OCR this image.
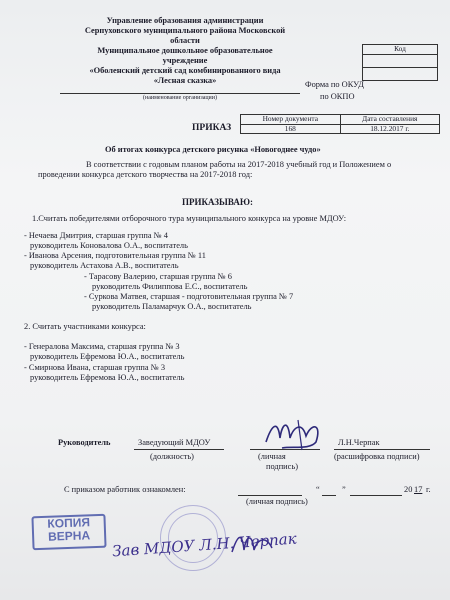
Управление образования администрации
Серпуховского муниципального района Московской
области
Муниципальное дошкольное образовательное
учреждение
«Оболенский детский сад комбинированного вида
«Лесная сказка»
(наименование организации)
Код

Форма по ОКУД
по ОКПО
Номер документа	Дата составления
168	18.12.2017 г.
ПРИКАЗ
Об итогах конкурса детского рисунка «Новогоднее чудо»
В соответствии с годовым планом работы на 2017-2018 учебный год и Положением о
проведении конкурса детского творчества на 2017-2018 год:
ПРИКАЗЫВАЮ:
1.Считать победителями отборочного тура муниципального конкурса на уровне МДОУ:
- Нечаева Дмитрия, старшая группа № 4
руководитель Коновалова О.А., воспитатель
- Иванова Арсения, подготовительная группа № 11
руководитель Астахова А.В., воспитатель
- Тарасову Валерию, старшая группа № 6
руководитель Филиппова Е.С., воспитатель
- Суркова Матвея, старшая - подготовительная группа № 7
руководитель Паламарчук О.А., воспитатель
2. Считать участниками конкурса:
- Генералова Максима, старшая группа № 3
руководитель Ефремова Ю.А., воспитатель
- Смирнова Ивана, старшая группа № 3
руководитель Ефремова Ю.А., воспитатель
Руководитель	Заведующий МДОУ
(должность)	(личная
подпись)
Л.Н.Черпак
(расшифровка подписи)
С приказом работник ознакомлен:	“	”	20 17 г.
(личная подпись)
КОПИЯ
ВЕРНА	Зав МДОУ Л.Н. Черпак
